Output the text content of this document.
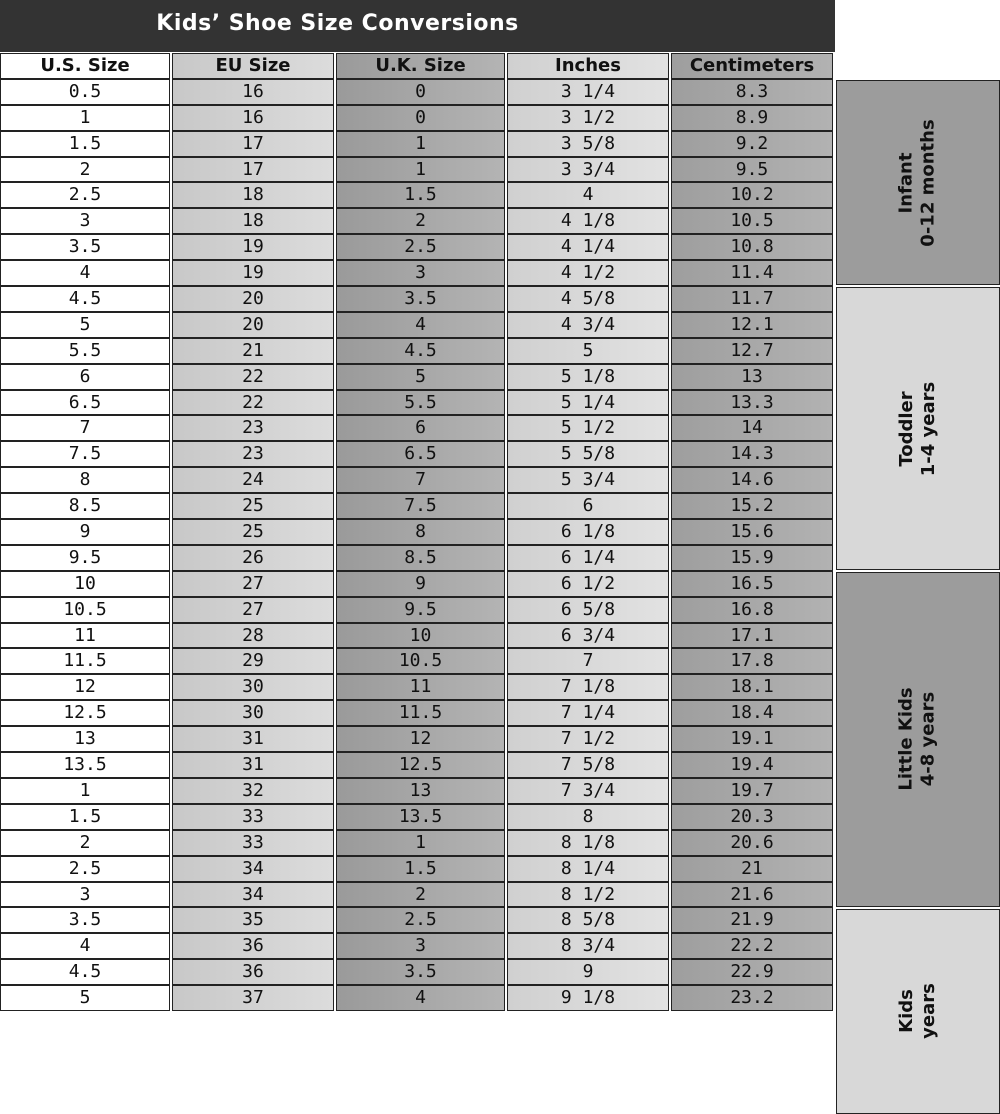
Kids’ Shoe Size Conversions
U.S. Size	EU Size	U.K. Size	Inches	Centimeters
0.5	16	0	3 1/4	8.3
1	16	0	3 1/2	8.9
1.5	17	1	3 5/8	9.2
2	17	1	3 3/4	9.5
2.5	18	1.5	4	10.2
3	18	2	4 1/8	10.5
3.5	19	2.5	4 1/4	10.8
4	19	3	4 1/2	11.4
4.5	20	3.5	4 5/8	11.7
5	20	4	4 3/4	12.1
5.5	21	4.5	5	12.7
6	22	5	5 1/8	13
6.5	22	5.5	5 1/4	13.3
7	23	6	5 1/2	14
7.5	23	6.5	5 5/8	14.3
8	24	7	5 3/4	14.6
8.5	25	7.5	6	15.2
9	25	8	6 1/8	15.6
9.5	26	8.5	6 1/4	15.9
10	27	9	6 1/2	16.5
10.5	27	9.5	6 5/8	16.8
11	28	10	6 3/4	17.1
11.5	29	10.5	7	17.8
12	30	11	7 1/8	18.1
12.5	30	11.5	7 1/4	18.4
13	31	12	7 1/2	19.1
13.5	31	12.5	7 5/8	19.4
1	32	13	7 3/4	19.7
1.5	33	13.5	8	20.3
2	33	1	8 1/8	20.6
2.5	34	1.5	8 1/4	21
3	34	2	8 1/2	21.6
3.5	35	2.5	8 5/8	21.9
4	36	3	8 3/4	22.2
4.5	36	3.5	9	22.9
5	37	4	9 1/8	23.2
Infant 0-12 months
Toddler 1-4 years
Little Kids 4-8 years
Kids years
